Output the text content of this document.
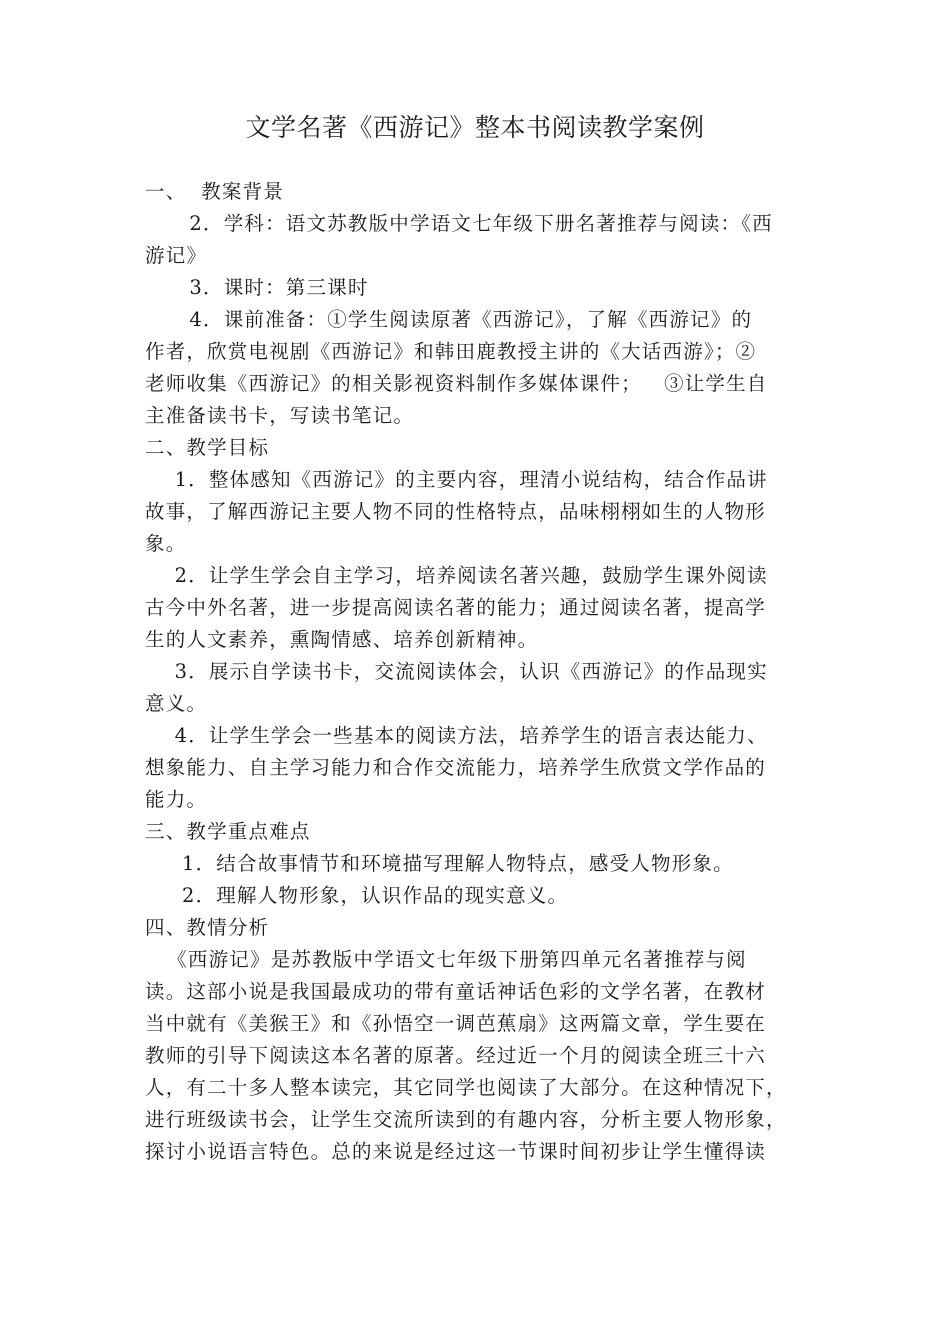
文学名著《西游记》整本书阅读教学案例
一、  教案背景
2．学科：语文苏教版中学语文七年级下册名著推荐与阅读：《西
游记》
3．课时：第三课时
4．课前准备：①学生阅读原著《西游记》，了解《西游记》的
作者，欣赏电视剧《西游记》和韩田鹿教授主讲的《大话西游》；②
老师收集《西游记》的相关影视资料制作多媒体课件；   ③让学生自
主准备读书卡，写读书笔记。
二、教学目标
1．整体感知《西游记》的主要内容，理清小说结构，结合作品讲
故事，了解西游记主要人物不同的性格特点，品味栩栩如生的人物形
象。
2．让学生学会自主学习，培养阅读名著兴趣，鼓励学生课外阅读
古今中外名著，进一步提高阅读名著的能力；通过阅读名著，提高学
生的人文素养，熏陶情感、培养创新精神。
3．展示自学读书卡，交流阅读体会，认识《西游记》的作品现实
意义。
4．让学生学会一些基本的阅读方法，培养学生的语言表达能力、
想象能力、自主学习能力和合作交流能力，培养学生欣赏文学作品的
能力。
三、教学重点难点
1．结合故事情节和环境描写理解人物特点，感受人物形象。
2．理解人物形象，认识作品的现实意义。
四、教情分析
《西游记》是苏教版中学语文七年级下册第四单元名著推荐与阅
读。这部小说是我国最成功的带有童话神话色彩的文学名著，在教材
当中就有《美猴王》和《孙悟空一调芭蕉扇》这两篇文章，学生要在
教师的引导下阅读这本名著的原著。经过近一个月的阅读全班三十六
人，有二十多人整本读完，其它同学也阅读了大部分。在这种情况下，
进行班级读书会，让学生交流所读到的有趣内容，分析主要人物形象，
探讨小说语言特色。总的来说是经过这一节课时间初步让学生懂得读
